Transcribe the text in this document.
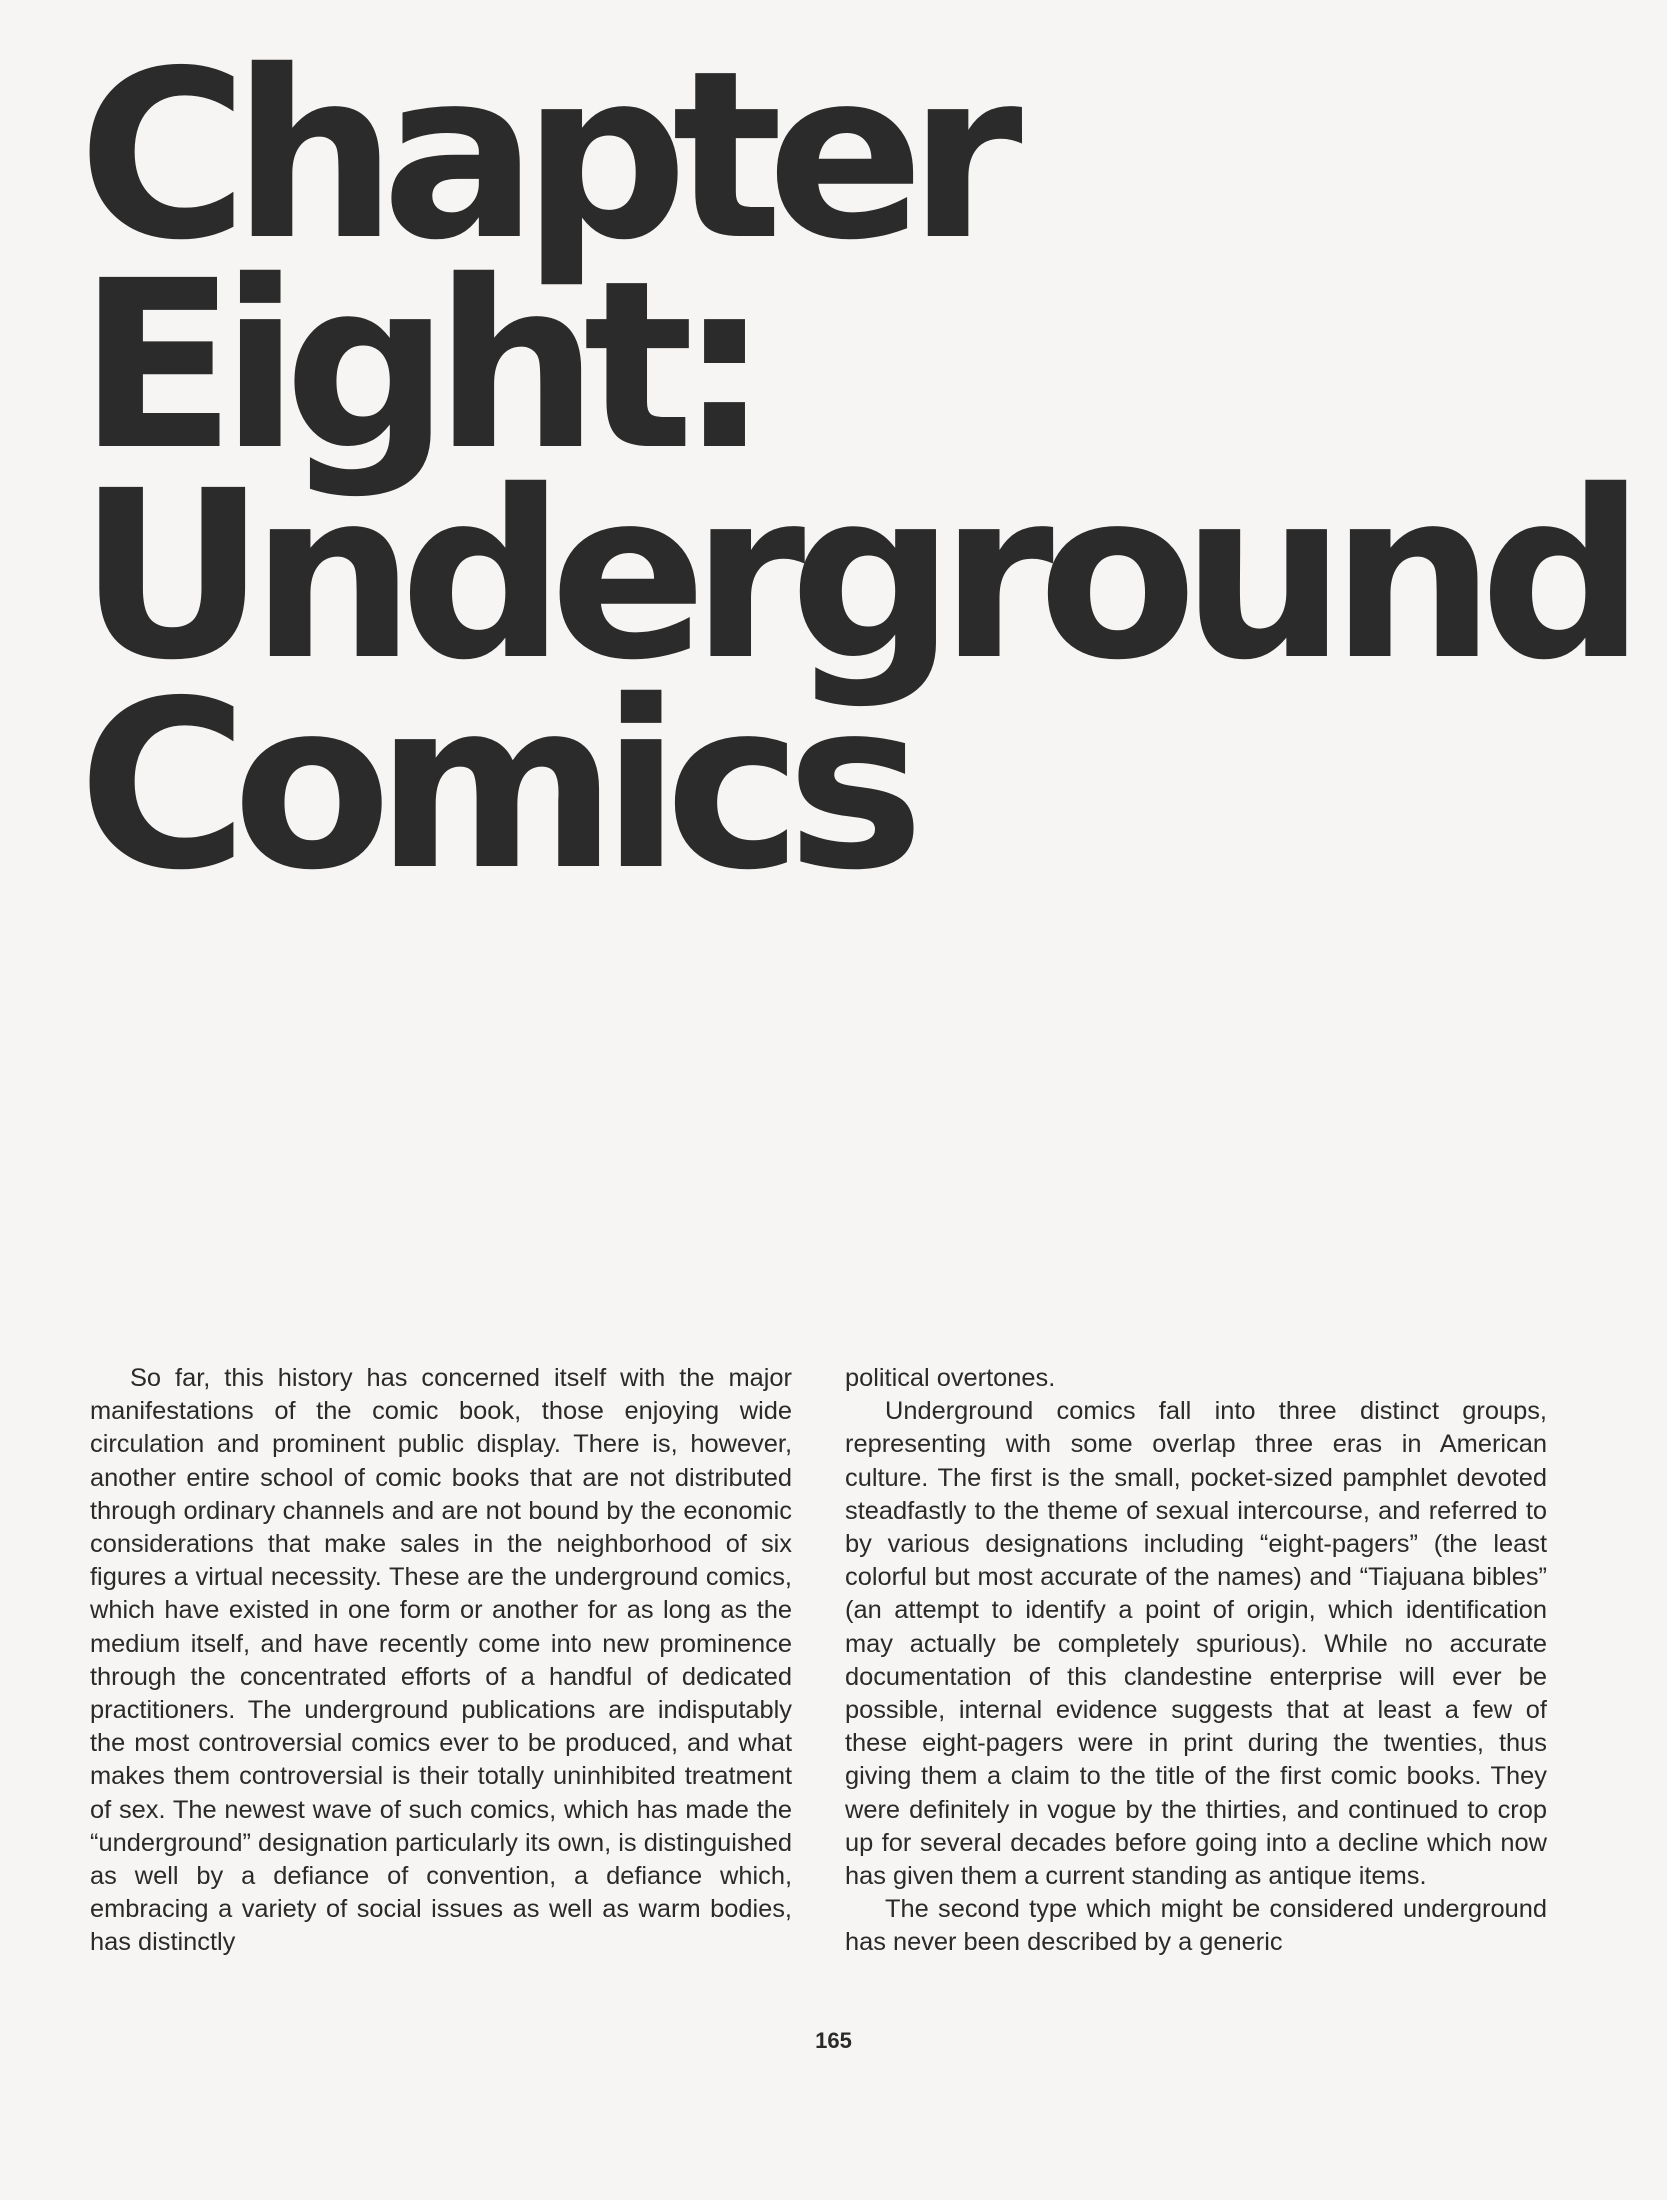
Chapter
Eight:
Underground
Comics

So far, this history has concerned itself with the major manifestations of the comic book, those enjoying wide circulation and prominent public display. There is, however, another entire school of comic books that are not distributed through ordinary channels and are not bound by the economic considerations that make sales in the neighborhood of six figures a virtual necessity. These are the underground comics, which have existed in one form or another for as long as the medium itself, and have recently come into new prominence through the concentrated efforts of a handful of dedicated practitioners. The underground publications are indisputably the most controversial comics ever to be produced, and what makes them controversial is their totally uninhibited treatment of sex. The newest wave of such comics, which has made the “underground” designation particularly its own, is distinguished as well by a defiance of convention, a defiance which, embracing a variety of social issues as well as warm bodies, has distinctly

political overtones.

Underground comics fall into three distinct groups, representing with some overlap three eras in American culture. The first is the small, pocket-sized pamphlet devoted steadfastly to the theme of sexual intercourse, and referred to by various designations including “eight-pagers” (the least colorful but most accurate of the names) and “Tiajuana bibles” (an attempt to identify a point of origin, which identification may actually be completely spurious). While no accurate documentation of this clandestine enterprise will ever be possible, internal evidence suggests that at least a few of these eight-pagers were in print during the twenties, thus giving them a claim to the title of the first comic books. They were definitely in vogue by the thirties, and continued to crop up for several decades before going into a decline which now has given them a current standing as antique items.

The second type which might be considered underground has never been described by a generic

165
